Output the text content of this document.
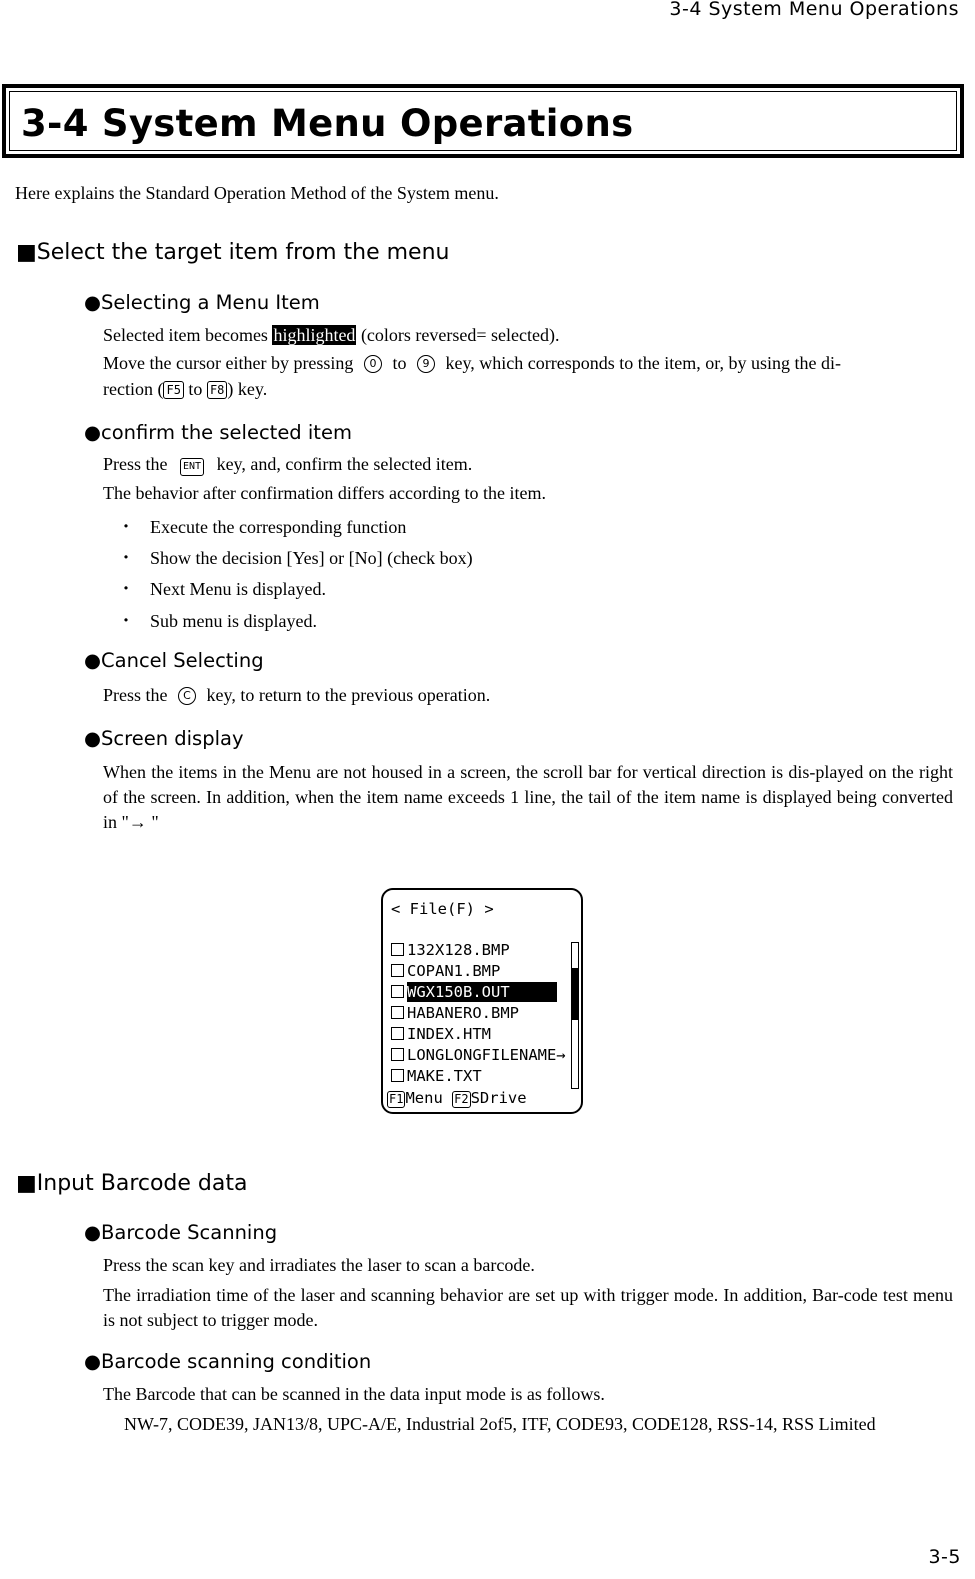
3-4 System Menu Operations
3-4 System Menu Operations
Here explains the Standard Operation Method of the System menu.
■Select the target item from the menu
●Selecting a Menu Item
Selected item becomes highlighted (colors reversed= selected).
Move the cursor either by pressing 0 to 9 key, which corresponds to the item, or, by using the di-
rection ( F5 to F8 ) key.
●confirm the selected item
Press the ENT key, and, confirm the selected item.
The behavior after confirmation differs according to the item.
・ Execute the corresponding function
・ Show the decision [Yes] or [No] (check box)
・ Next Menu is displayed.
・ Sub menu is displayed.
●Cancel Selecting
Press the C key, to return to the previous operation.
●Screen display
When the items in the Menu are not housed in a screen, the scroll bar for vertical direction is dis-played on the right of the screen. In addition, when the item name exceeds 1 line, the tail of the item name is displayed being converted in "→ "
< File(F) >
132X128.BMP
COPAN1.BMP
WGX150B.OUT
HABANERO.BMP
INDEX.HTM
LONGLONGFILENAME→
MAKE.TXT
F1 Menu F2 SDrive
■Input Barcode data
●Barcode Scanning
Press the scan key and irradiates the laser to scan a barcode.
The irradiation time of the laser and scanning behavior are set up with trigger mode. In addition, Bar-code test menu is not subject to trigger mode.
●Barcode scanning condition
The Barcode that can be scanned in the data input mode is as follows.
NW-7, CODE39, JAN13/8, UPC-A/E, Industrial 2of5, ITF, CODE93, CODE128, RSS-14, RSS Limited
3-5
